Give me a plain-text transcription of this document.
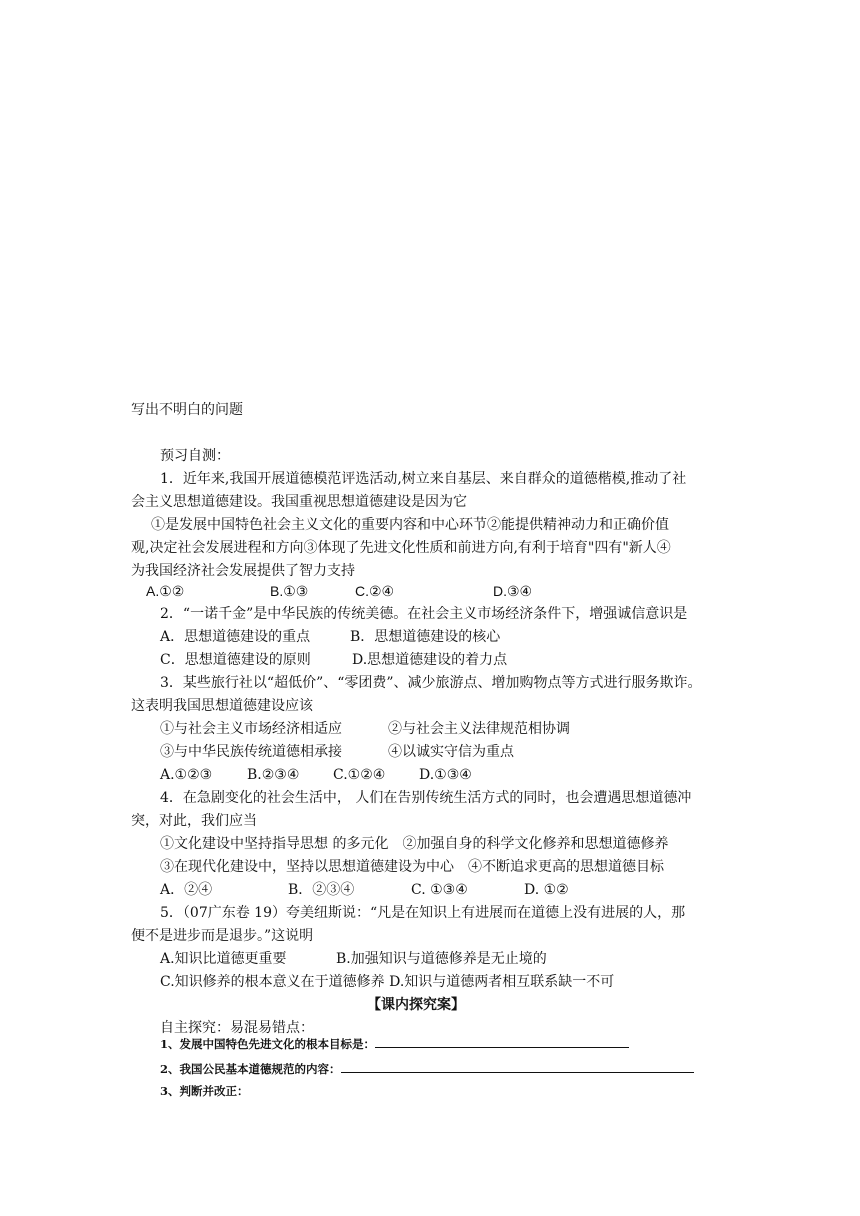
写出不明白的问题
预习自测：
1．近年来,我国开展道德模范评选活动,树立来自基层、来自群众的道德楷模,推动了社
会主义思想道德建设。我国重视思想道德建设是因为它
①是发展中国特色社会主义文化的重要内容和中心环节②能提供精神动力和正确价值
观,决定社会发展进程和方向③体现了先进文化性质和前进方向,有利于培育"四有"新人④
为我国经济社会发展提供了智力支持
A.①②	B.①③	C.②④	D.③④
2．“一诺千金”是中华民族的传统美德。在社会主义市场经济条件下，增强诚信意识是
A．思想道德建设的重点	B．思想道德建设的核心
C．思想道德建设的原则	D.思想道德建设的着力点
3．某些旅行社以“超低价”、“零团费”、减少旅游点、增加购物点等方式进行服务欺诈。
这表明我国思想道德建设应该
①与社会主义市场经济相适应	②与社会主义法律规范相协调
③与中华民族传统道德相承接	④以诚实守信为重点
A.①②③ B.②③④ C.①②④ D.①③④
4．在急剧变化的社会生活中， 人们在告别传统生活方式的同时，也会遭遇思想道德冲
突，对此，我们应当
①文化建设中坚持指导思想 的多元化　②加强自身的科学文化修养和思想道德修养
③在现代化建设中，坚持以思想道德建设为中心　④不断追求更高的思想道德目标
A．②④	B．②③④	C. ①③④	D. ①②
5．（07广东卷 19）夸美纽斯说：“凡是在知识上有进展而在道德上没有进展的人，那
便不是进步而是退步。”这说明
A.知识比道德更重要	B.加强知识与道德修养是无止境的
C.知识修养的根本意义在于道德修养 D.知识与道德两者相互联系缺一不可
【课内探究案】
自主探究：易混易错点：
1、发展中国特色先进文化的根本目标是：
2、我国公民基本道德规范的内容：
3、判断并改正：
